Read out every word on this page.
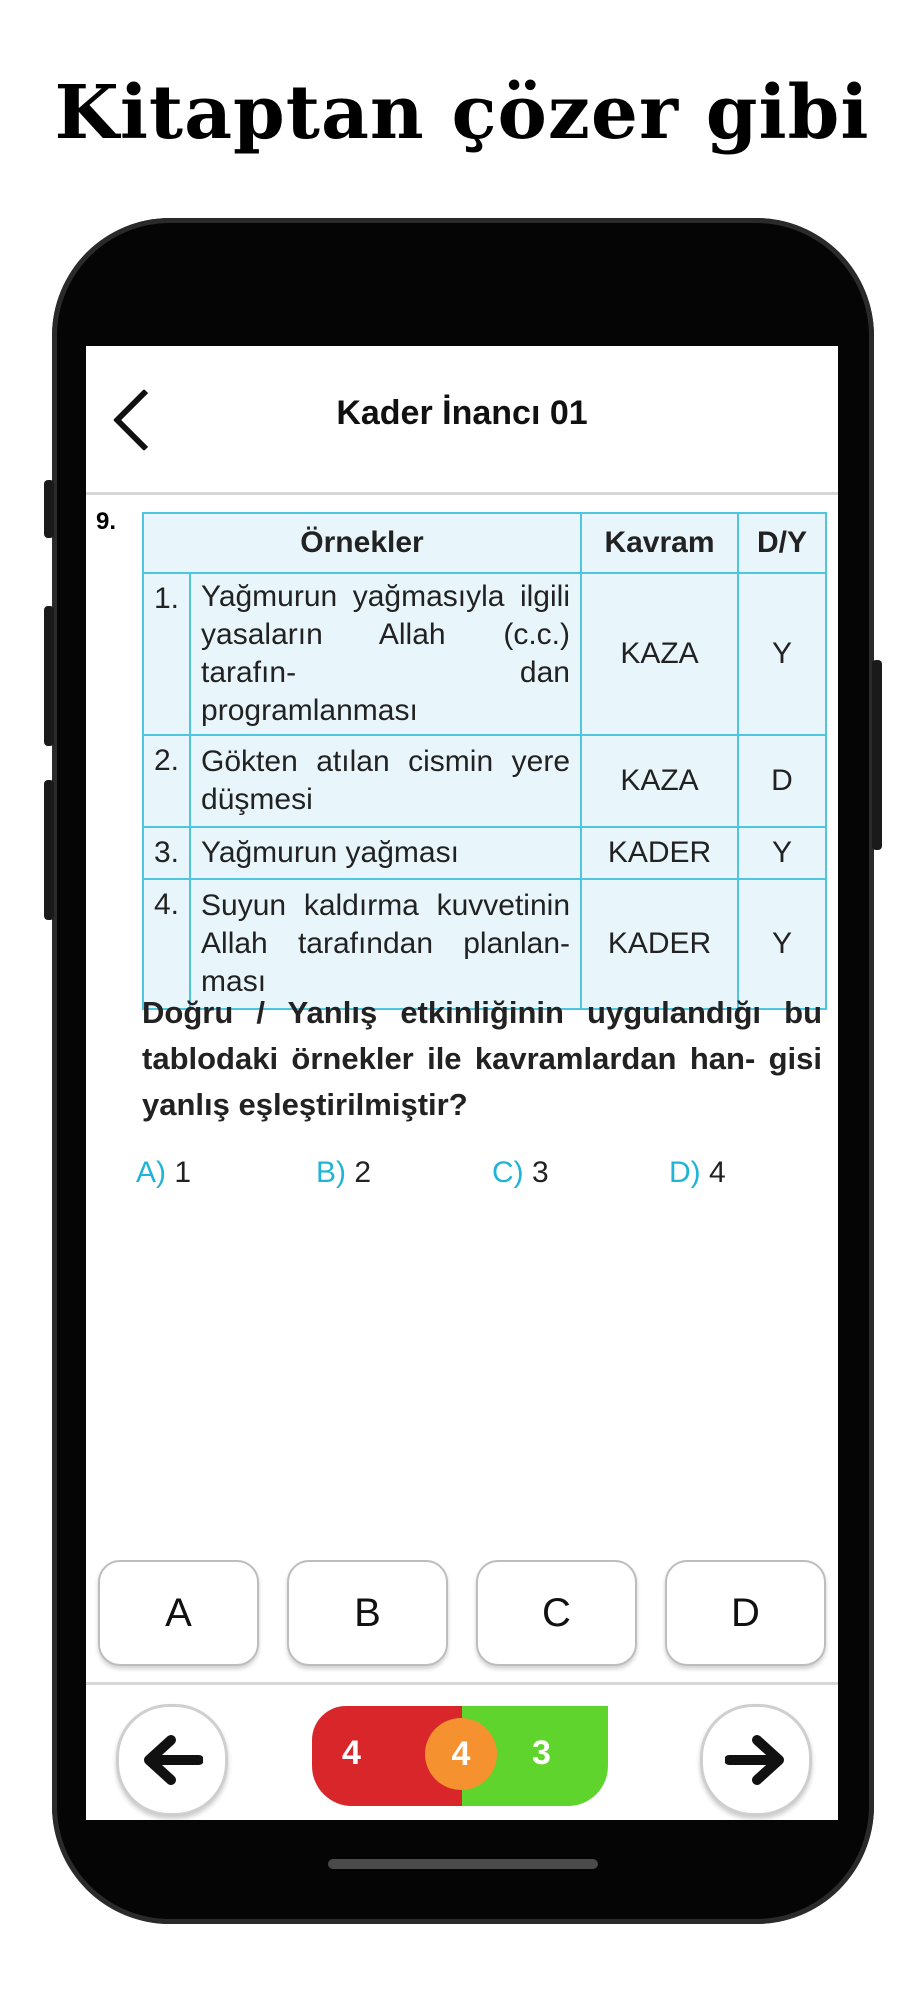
Kitaptan çözer gibi
Kader İnancı 01
9.
Örnekler		Kavram	D/Y
1.	Yağmurun yağmasıyla ilgili yasaların Allah (c.c.) tarafın- dan programlanması	KAZA	Y
2.	Gökten atılan cismin yere düşmesi	KAZA	D
3.	Yağmurun yağması	KADER	Y
4.	Suyun kaldırma kuvvetinin Allah tarafından planlan- ması	KADER	Y
Doğru / Yanlış etkinliğinin uygulandığı bu tablodaki örnekler ile kavramlardan han- gisi yanlış eşleştirilmiştir?
A) 1	B) 2	C) 3	D) 4
A	B	C	D
4	3
4
